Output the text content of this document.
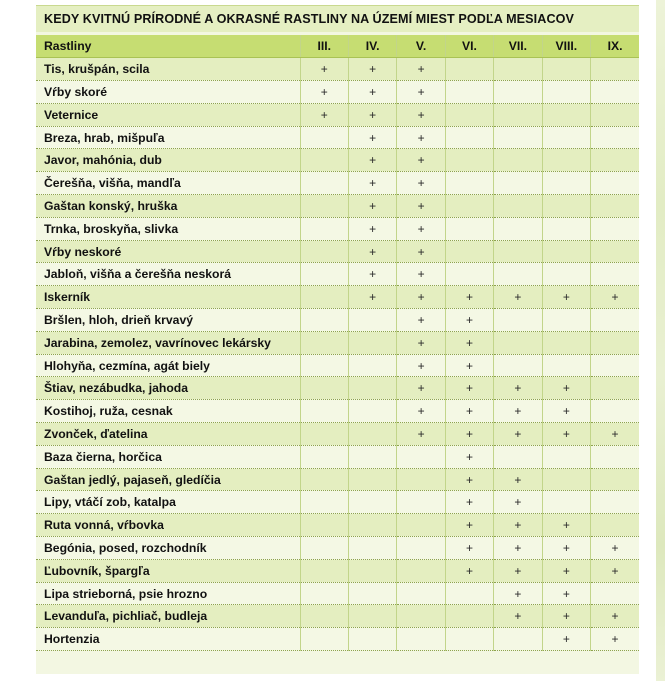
KEDY KVITNÚ PRÍRODNÉ A OKRASNÉ RASTLINY NA ÚZEMÍ MIEST PODĽA MESIACOV
Rastliny	III.	IV.	V.	VI.	VII.	VIII.	IX.
Tis, krušpán, scila	+	+	+				
Vŕby skoré	+	+	+				
Veternice	+	+	+				
Breza, hrab, mišpuľa		+	+				
Javor, mahónia, dub		+	+				
Čerešňa, višňa, mandľa		+	+				
Gaštan konský, hruška		+	+				
Trnka, broskyňa, slivka		+	+				
Vŕby neskoré		+	+				
Jabloň, višňa a čerešňa neskorá		+	+				
Iskerník		+	+	+	+	+	+
Bršlen, hloh, drieň krvavý			+	+			
Jarabina, zemolez, vavrínovec lekársky			+	+			
Hlohyňa, cezmína, agát biely			+	+			
Štiav, nezábudka, jahoda			+	+	+	+	
Kostihoj, ruža, cesnak			+	+	+	+	
Zvonček, ďatelina			+	+	+	+	+
Baza čierna, horčica				+			
Gaštan jedlý, pajaseň, gledíčia				+	+		
Lipy, vtáčí zob, katalpa				+	+		
Ruta vonná, vŕbovka				+	+	+	
Begónia, posed, rozchodník				+	+	+	+
Ľubovník, špargľa				+	+	+	+
Lipa strieborná, psie hrozno					+	+	
Levanduľa, pichliač, budleja					+	+	+
Hortenzia						+	+
